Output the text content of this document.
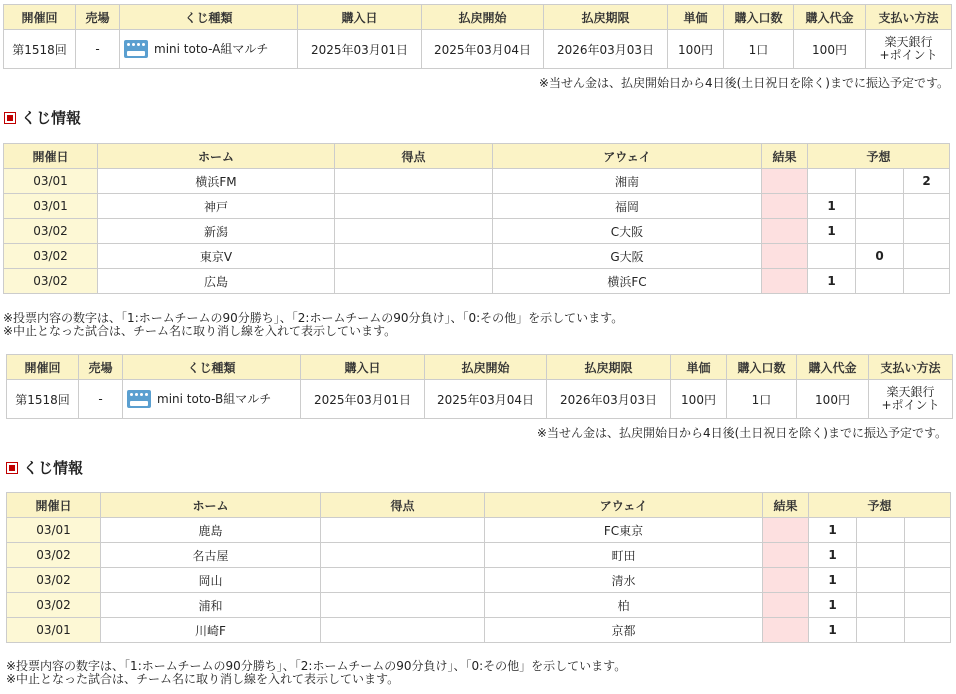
開催回	売場	くじ種類	購入日	払戻開始	払戻期限	単価	購入口数	購入代金	支払い方法
第1518回	-	mini toto-A組マルチ	2025年03月01日	2025年03月04日	2026年03月03日	100円	1口	100円	楽天銀行
+ポイント
※当せん金は、払戻開始日から4日後(土日祝日を除く)までに振込予定です。
くじ情報
開催日	ホーム	得点	アウェイ	結果	予想		
03/01	横浜FM		湘南				2
03/01	神戸		福岡		1		
03/02	新潟		C大阪		1		
03/02	東京V		G大阪			0	
03/02	広島		横浜FC		1		
※投票内容の数字は、「1:ホームチームの90分勝ち」、「2:ホームチームの90分負け」、「0:その他」を示しています。
※中止となった試合は、チーム名に取り消し線を入れて表示しています。
開催回	売場	くじ種類	購入日	払戻開始	払戻期限	単価	購入口数	購入代金	支払い方法
第1518回	-	mini toto-B組マルチ	2025年03月01日	2025年03月04日	2026年03月03日	100円	1口	100円	楽天銀行
+ポイント
※当せん金は、払戻開始日から4日後(土日祝日を除く)までに振込予定です。
くじ情報
開催日	ホーム	得点	アウェイ	結果	予想		
03/01	鹿島		FC東京		1		
03/02	名古屋		町田		1		
03/02	岡山		清水		1		
03/02	浦和		柏		1		
03/01	川崎F		京都		1		
※投票内容の数字は、「1:ホームチームの90分勝ち」、「2:ホームチームの90分負け」、「0:その他」を示しています。
※中止となった試合は、チーム名に取り消し線を入れて表示しています。
